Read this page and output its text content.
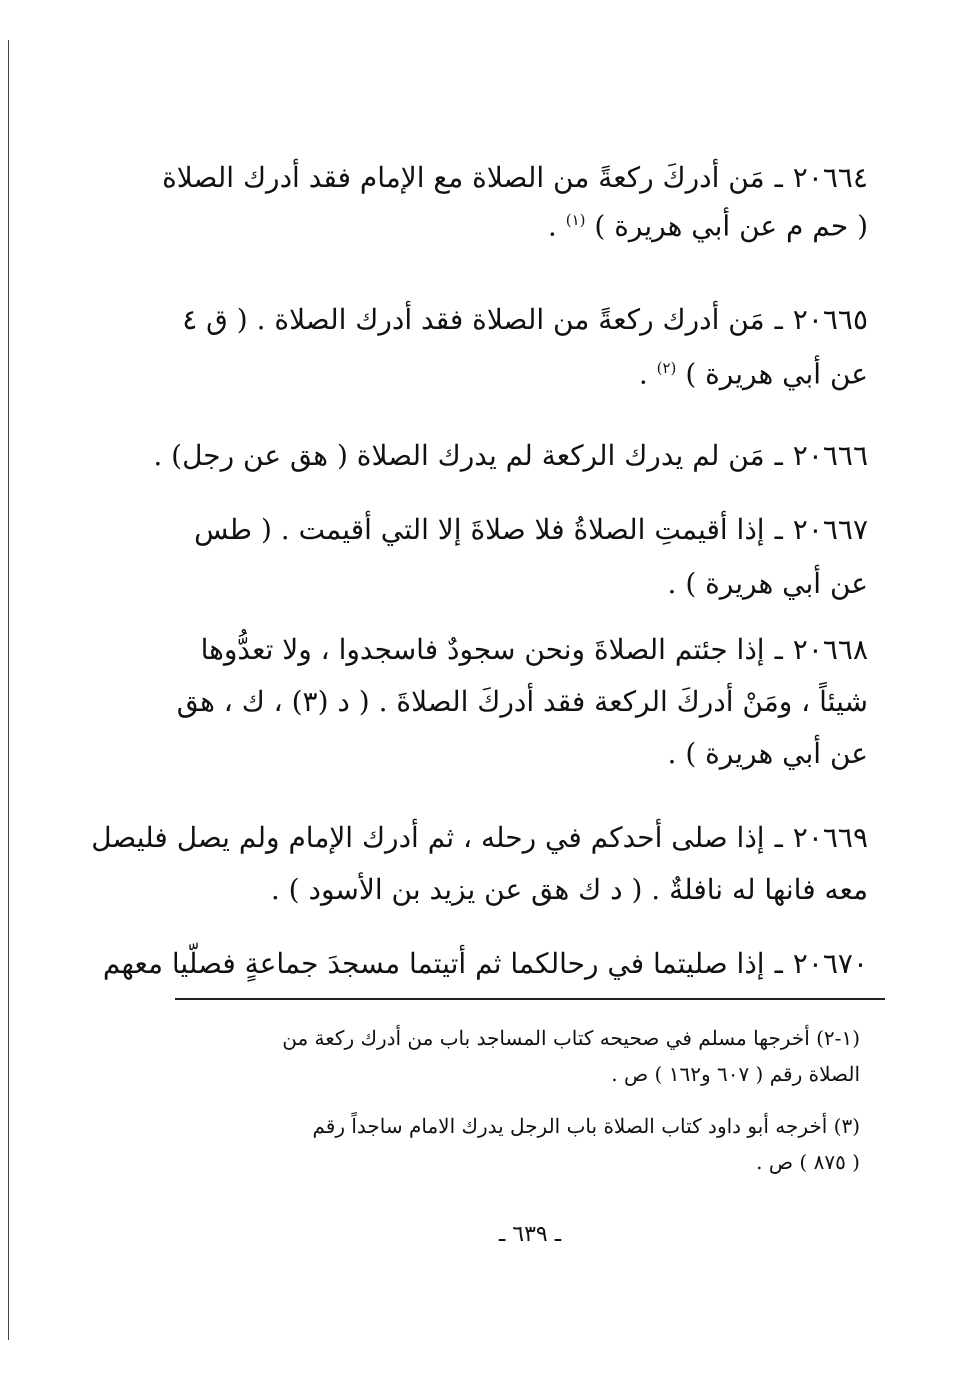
٢٠٦٦٤ـمَن أدركَ ركعةً من الصلاة مع الإمام فقد أدرك الصلاة
( حم م عن أبي هريرة ) $^{(١)}$ .
٢٠٦٦٥ـمَن أدرك ركعةً من الصلاة فقد أدرك الصلاة . ( ق ٤
عن أبي هريرة ) $^{(٢)}$ .
٢٠٦٦٦ـمَن لم يدرك الركعة لم يدرك الصلاة ( هق عن رجل) .
٢٠٦٦٧ـإذا أقيمتِ الصلاةُ فلا صلاةَ إلا التي أقيمت . ( طس
عن أبي هريرة ) .
٢٠٦٦٨ـإذا جئتم الصلاةَ ونحن سجودٌ فاسجدوا ، ولا تعدُّوها
شيئاً ، ومَنْ أدركَ الركعة فقد أدركَ الصلاةَ . ( د (٣) ، ك ، هق
عن أبي هريرة ) .
٢٠٦٦٩ـإذا صلى أحدكم في رحله ، ثم أدرك الإمام ولم يصل فليصل
معه فانها له نافلةٌ . ( د ك هق عن يزيد بن الأسود ) .
٢٠٦٧٠ـإذا صليتما في رحالكما ثم أتيتما مسجدَ جماعةٍ فصلّيا معهم
(١-٢) أخرجها مسلم في صحيحه كتاب المساجد باب من أدرك ركعة من
الصلاة رقم ( ٦٠٧ و١٦٢ ) ص .
(٣) أخرجه أبو داود كتاب الصلاة باب الرجل يدرك الامام ساجداً رقم
( ٨٧٥ ) ص .
ـ ٦٣٩ ـ
